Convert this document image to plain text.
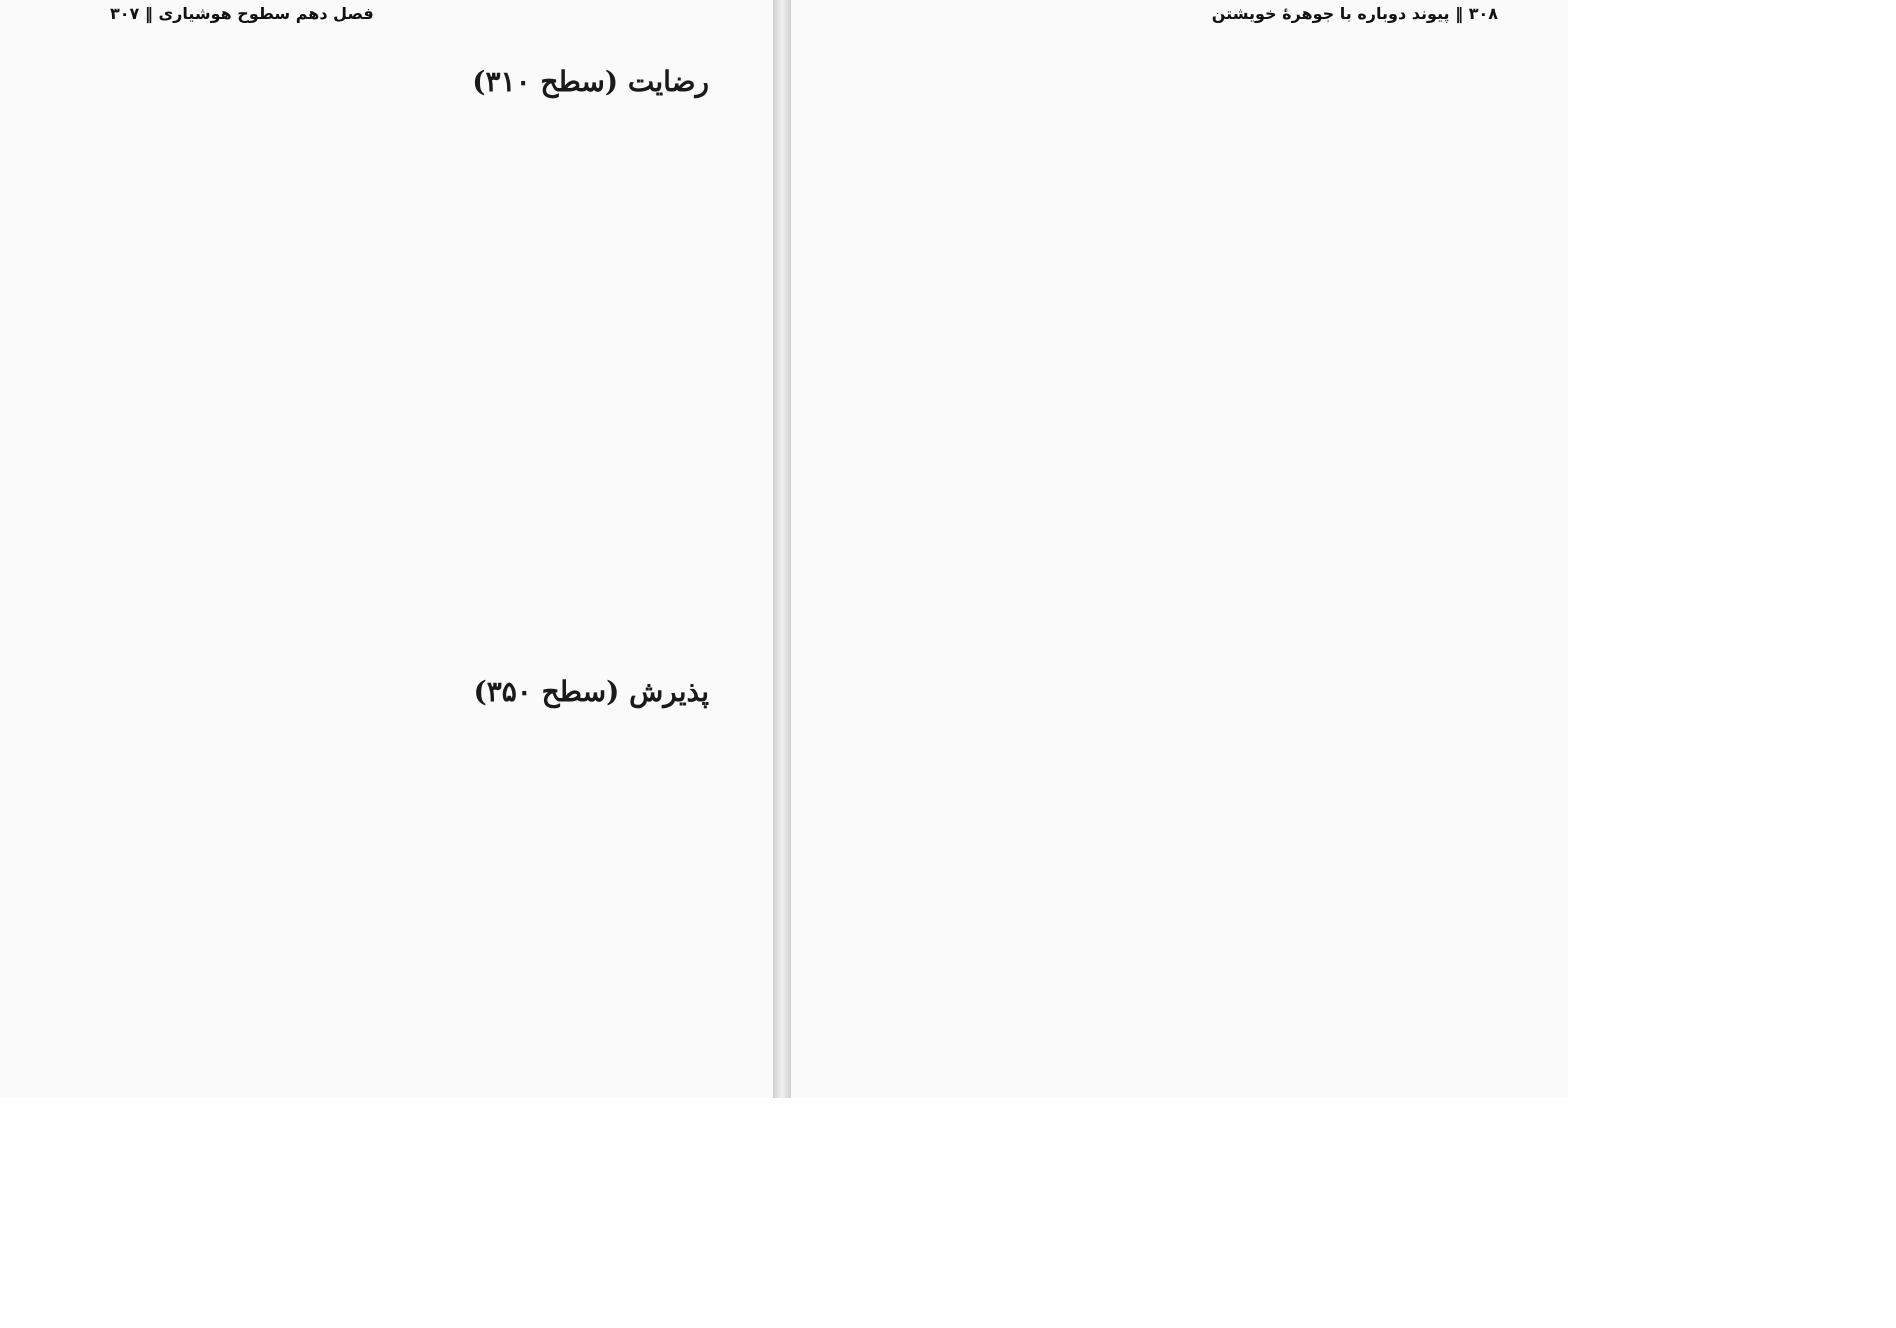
فصل دهم سطوح هوشیاری ‖ ۳۰۷
رضایت (سطح ۳۱۰)

پذیرش (سطح ۳۵۰)

۳۰۸ ‖ پیوند دوباره با جوهرهٔ خویشتن
